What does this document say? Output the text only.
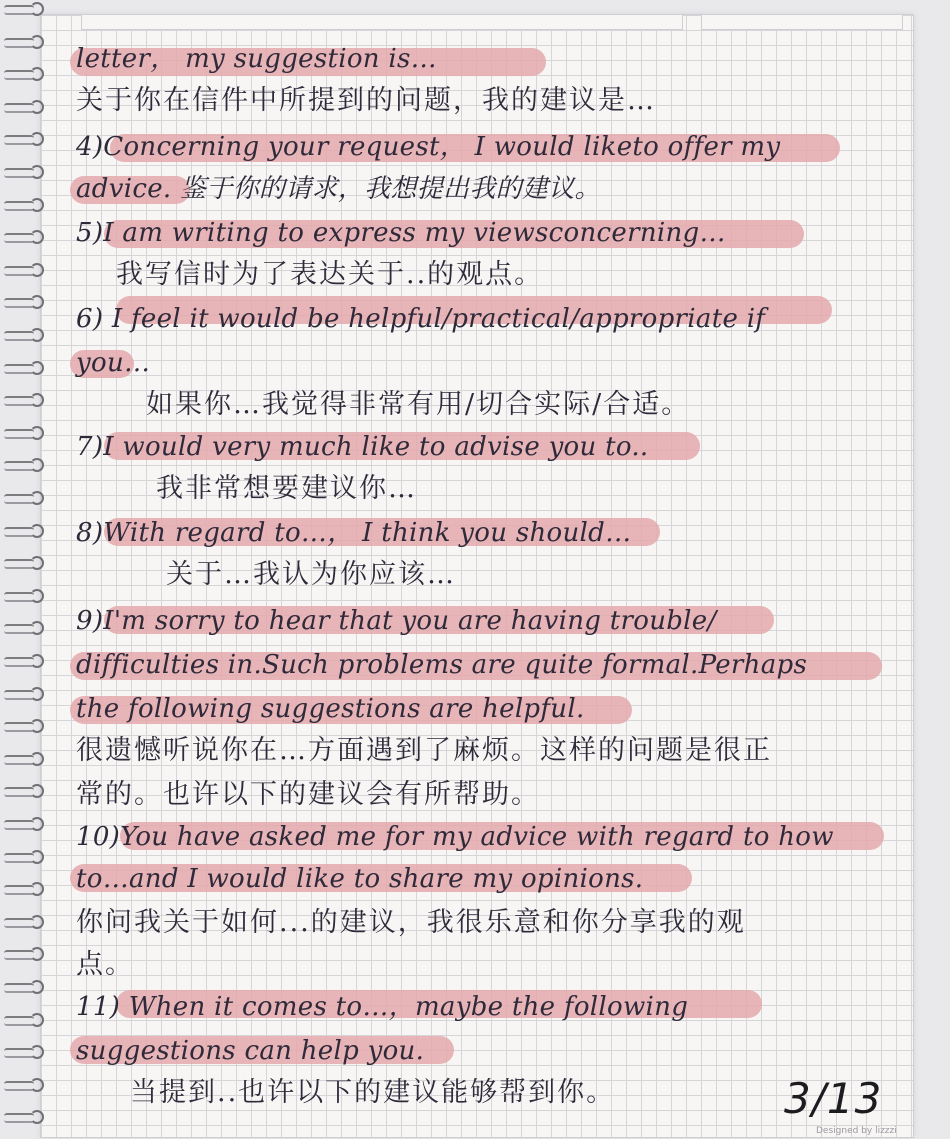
letter， my suggestion is…
关于你在信件中所提到的问题，我的建议是…
4)Concerning your request， I would liketo offer my
advice. 鉴于你的请求，我想提出我的建议。
5)I am writing to express my viewsconcerning…
我写信时为了表达关于..的观点。
6) I feel it would be helpful/practical/appropriate if
you…
如果你…我觉得非常有用/切合实际/合适。
7)I would very much like to advise you to..
我非常想要建议你…
8)With regard to…， I think you should…
关于…我认为你应该…
9)I'm sorry to hear that you are having trouble/
difficulties in.Such problems are quite formal.Perhaps
the following suggestions are helpful.
很遗憾听说你在…方面遇到了麻烦。这样的问题是很正
常的。也许以下的建议会有所帮助。
10)You have asked me for my advice with regard to how
to…and I would like to share my opinions.
你问我关于如何...的建议，我很乐意和你分享我的观
点。
11) When it comes to…，maybe the following
suggestions can help you.
当提到..也许以下的建议能够帮到你。	3/13
Designed by lizzzi
